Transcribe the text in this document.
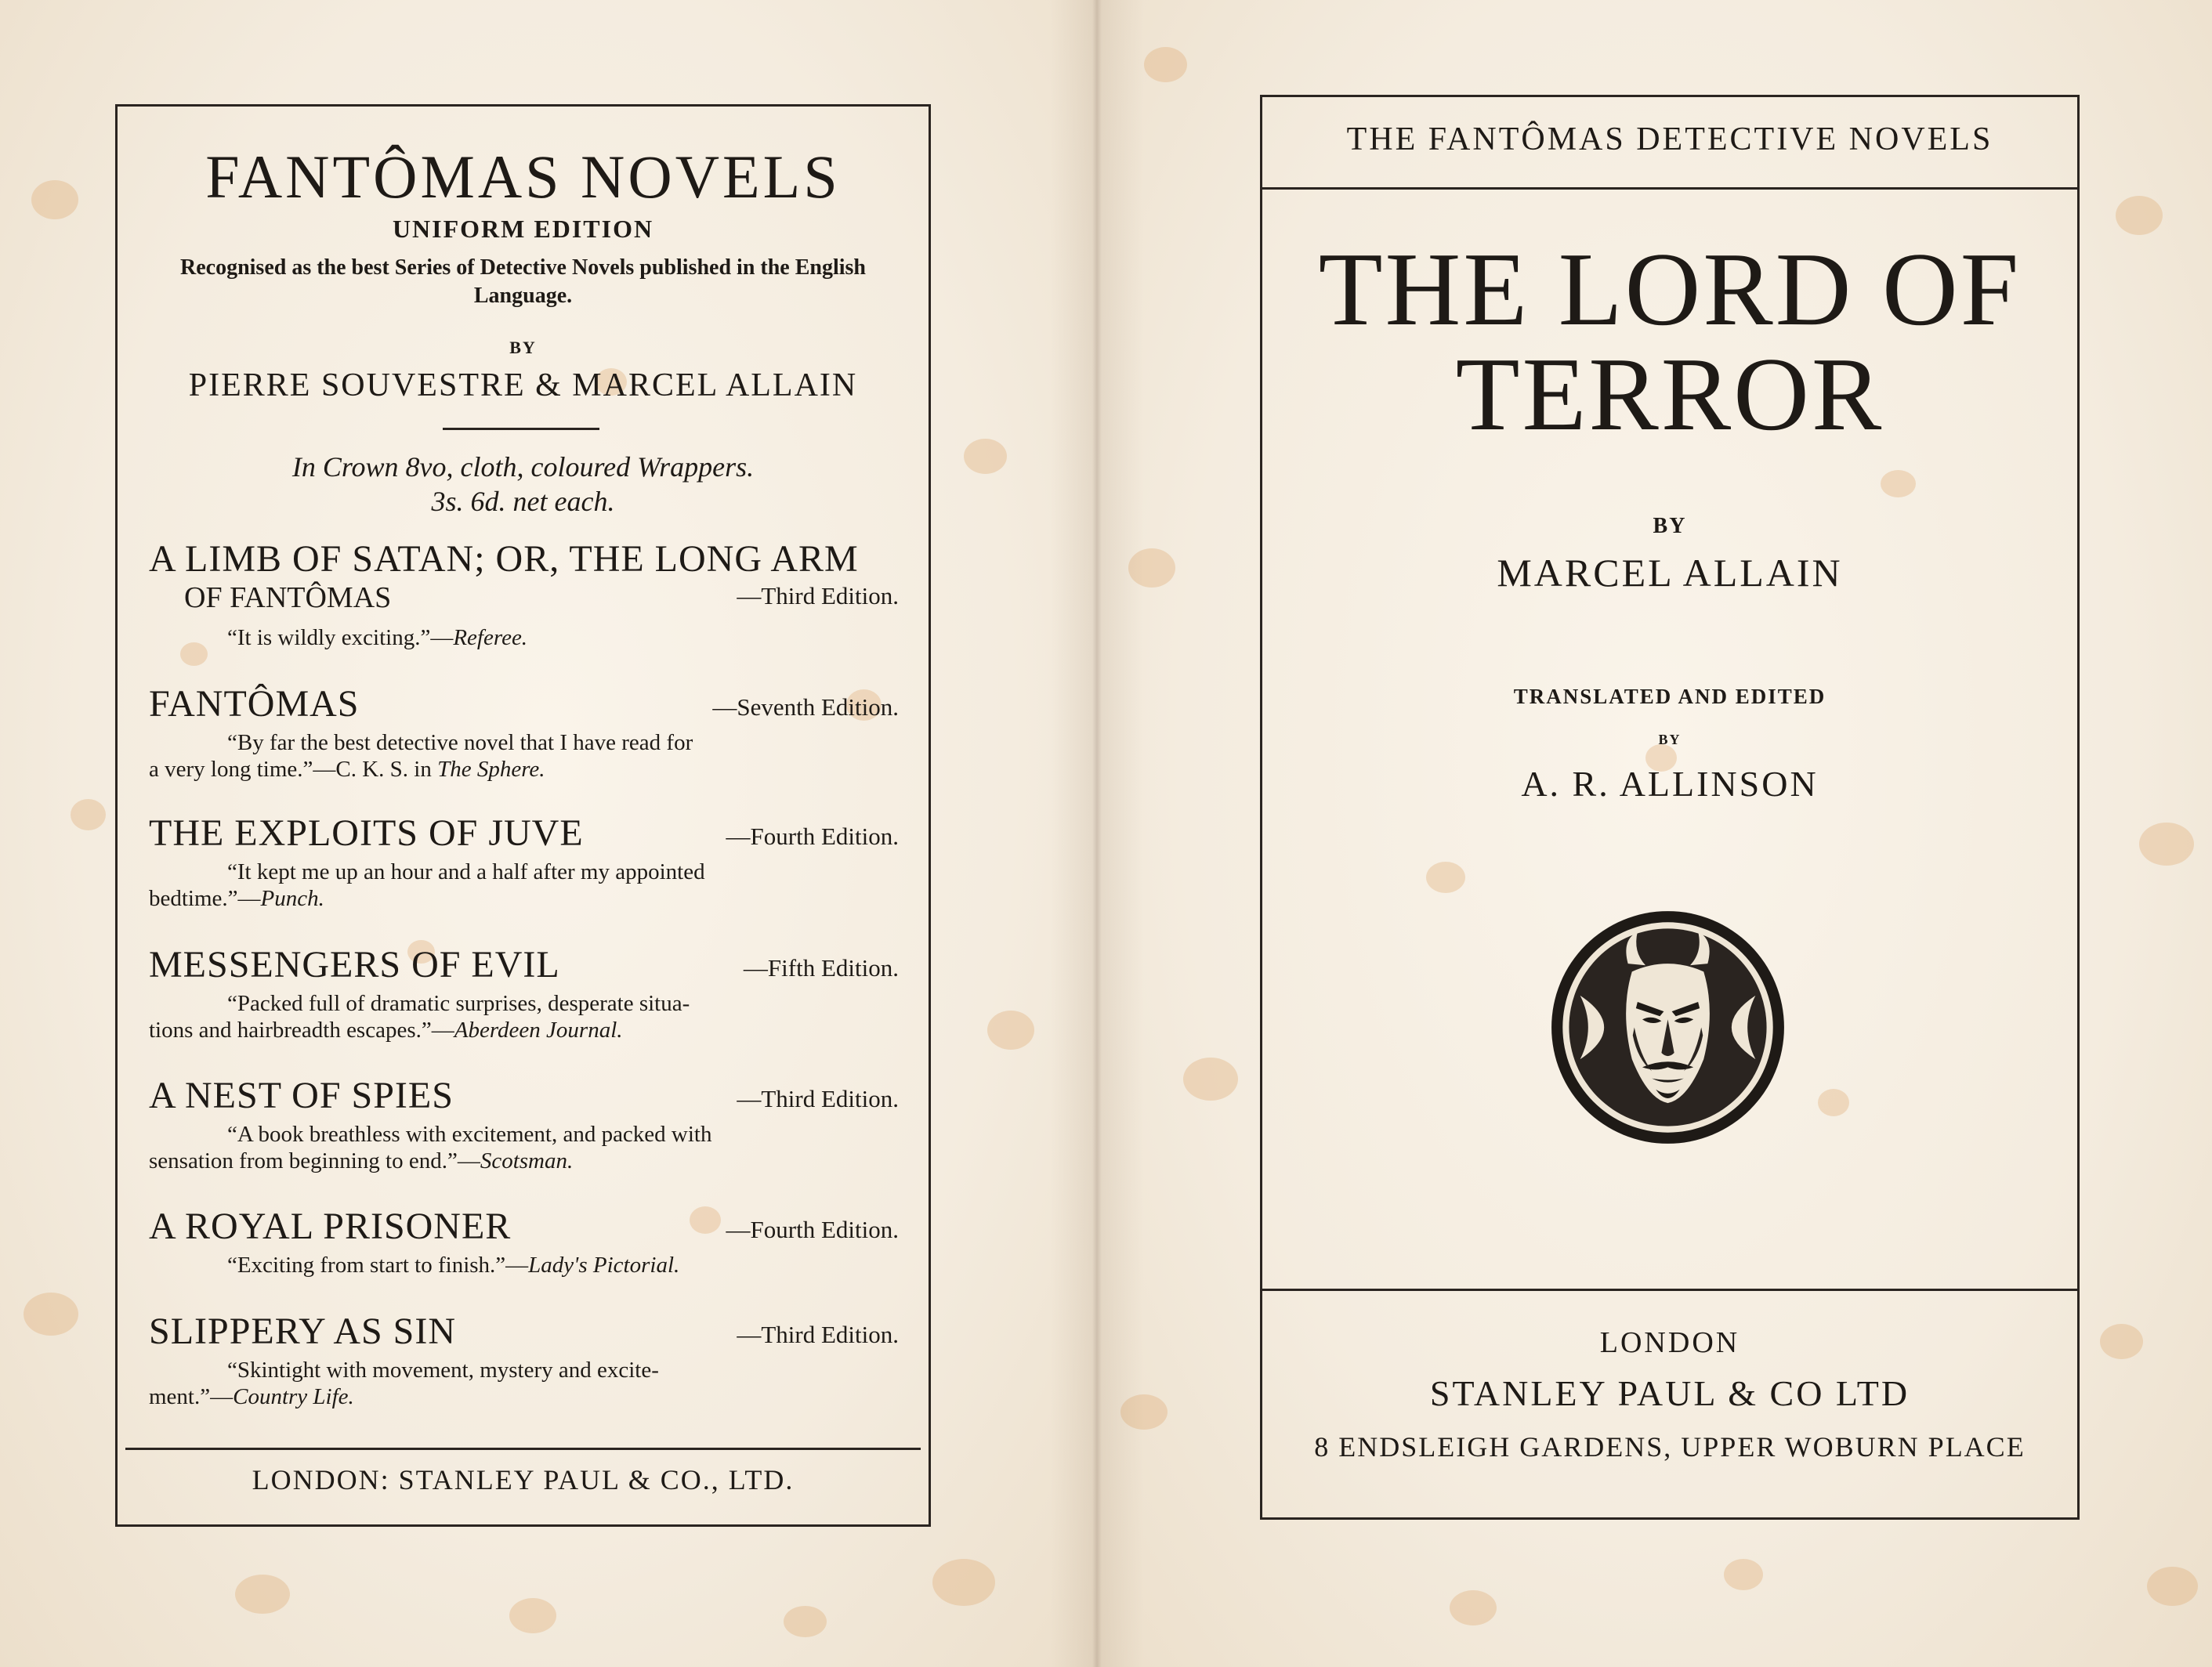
FANTÔMAS NOVELS
UNIFORM EDITION
Recognised as the best Series of Detective Novels published in the English Language.
BY
PIERRE SOUVESTRE & MARCEL ALLAIN
In Crown 8vo, cloth, coloured Wrappers.
3s. 6d. net each.
A LIMB OF SATAN; OR, THE LONG ARM
OF FANTÔMAS	—Third Edition.
“It is wildly exciting.”—Referee.
FANTÔMAS	—Seventh Edition.
“By far the best detective novel that I have read for
a very long time.”—C. K. S. in The Sphere.
THE EXPLOITS OF JUVE	—Fourth Edition.
“It kept me up an hour and a half after my appointed
bedtime.”—Punch.
MESSENGERS OF EVIL	—Fifth Edition.
“Packed full of dramatic surprises, desperate situa-
tions and hairbreadth escapes.”—Aberdeen Journal.
A NEST OF SPIES	—Third Edition.
“A book breathless with excitement, and packed with
sensation from beginning to end.”—Scotsman.
A ROYAL PRISONER	—Fourth Edition.
“Exciting from start to finish.”—Lady's Pictorial.
SLIPPERY AS SIN	—Third Edition.
“Skintight with movement, mystery and excite-
ment.”—Country Life.
LONDON: STANLEY PAUL & CO., LTD.
THE FANTÔMAS DETECTIVE NOVELS
THE LORD OF
TERROR
BY
MARCEL ALLAIN
TRANSLATED AND EDITED
BY
A. R. ALLINSON
LONDON
STANLEY PAUL & CO LTD
8 ENDSLEIGH GARDENS, UPPER WOBURN PLACE
